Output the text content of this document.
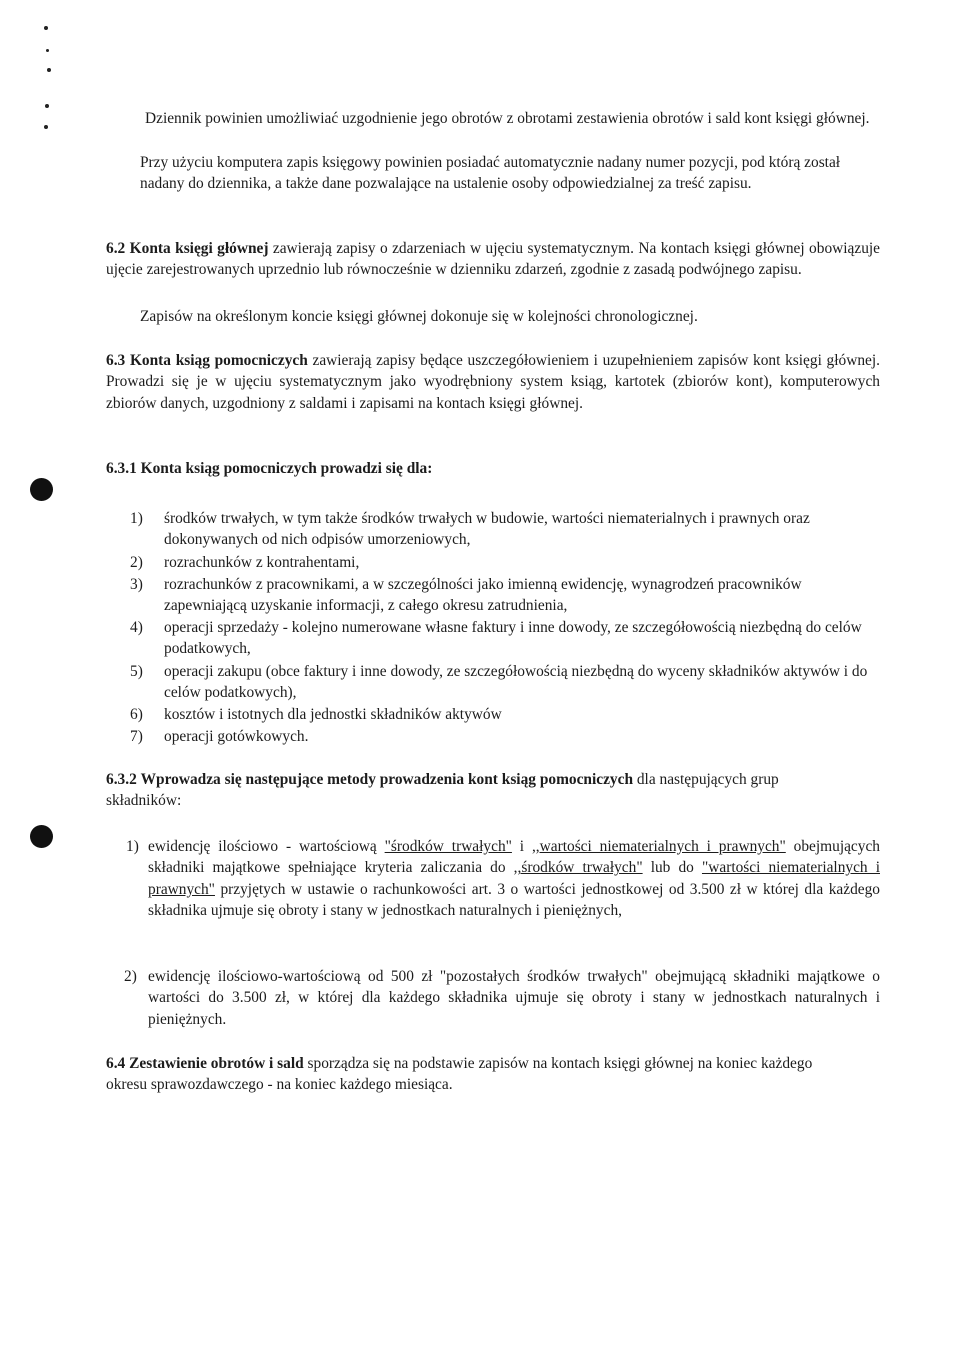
Dziennik powinien umożliwiać uzgodnienie jego obrotów z obrotami zestawienia obrotów i sald kont księgi głównej.

Przy użyciu komputera zapis księgowy powinien posiadać automatycznie nadany numer pozycji, pod którą został nadany do dziennika, a także dane pozwalające na ustalenie osoby odpowiedzialnej za treść zapisu.

6.2 Konta księgi głównej zawierają zapisy o zdarzeniach w ujęciu systematycznym. Na kontach księgi głównej obowiązuje ujęcie zarejestrowanych uprzednio lub równocześnie w dzienniku zdarzeń, zgodnie z zasadą podwójnego zapisu.

Zapisów na określonym koncie księgi głównej dokonuje się w kolejności chronologicznej.

6.3 Konta ksiąg pomocniczych zawierają zapisy będące uszczegółowieniem i uzupełnieniem zapisów kont księgi głównej. Prowadzi się je w ujęciu systematycznym jako wyodrębniony system ksiąg, kartotek (zbiorów kont), komputerowych zbiorów danych, uzgodniony z saldami i zapisami na kontach księgi głównej.

6.3.1 Konta ksiąg pomocniczych prowadzi się dla:

1) środków trwałych, w tym także środków trwałych w budowie, wartości niematerialnych i prawnych oraz dokonywanych od nich odpisów umorzeniowych,
2) rozrachunków z kontrahentami,
3) rozrachunków z pracownikami, a w szczególności jako imienną ewidencję, wynagrodzeń pracowników zapewniającą uzyskanie informacji, z całego okresu zatrudnienia,
4) operacji sprzedaży - kolejno numerowane własne faktury i inne dowody, ze szczegółowością niezbędną do celów podatkowych,
5) operacji zakupu (obce faktury i inne dowody, ze szczegółowością niezbędną do wyceny składników aktywów i do celów podatkowych),
6) kosztów i istotnych dla jednostki składników aktywów
7) operacji gotówkowych.

6.3.2 Wprowadza się następujące metody prowadzenia kont ksiąg pomocniczych dla następujących grup składników:

1) ewidencję ilościowo - wartościową "środków trwałych" i ,,wartości niematerialnych i prawnych" obejmujących składniki majątkowe spełniające kryteria zaliczania do ,,środków trwałych" lub do "wartości niematerialnych i prawnych" przyjętych w ustawie o rachunkowości art. 3 o wartości jednostkowej od 3.500 zł w której dla każdego składnika ujmuje się obroty i stany w jednostkach naturalnych i pieniężnych,

2) ewidencję ilościowo-wartościową od 500 zł "pozostałych środków trwałych" obejmującą składniki majątkowe o wartości do 3.500 zł, w której dla każdego składnika ujmuje się obroty i stany w jednostkach naturalnych i pieniężnych.

6.4 Zestawienie obrotów i sald sporządza się na podstawie zapisów na kontach księgi głównej na koniec każdego okresu sprawozdawczego - na koniec każdego miesiąca.
